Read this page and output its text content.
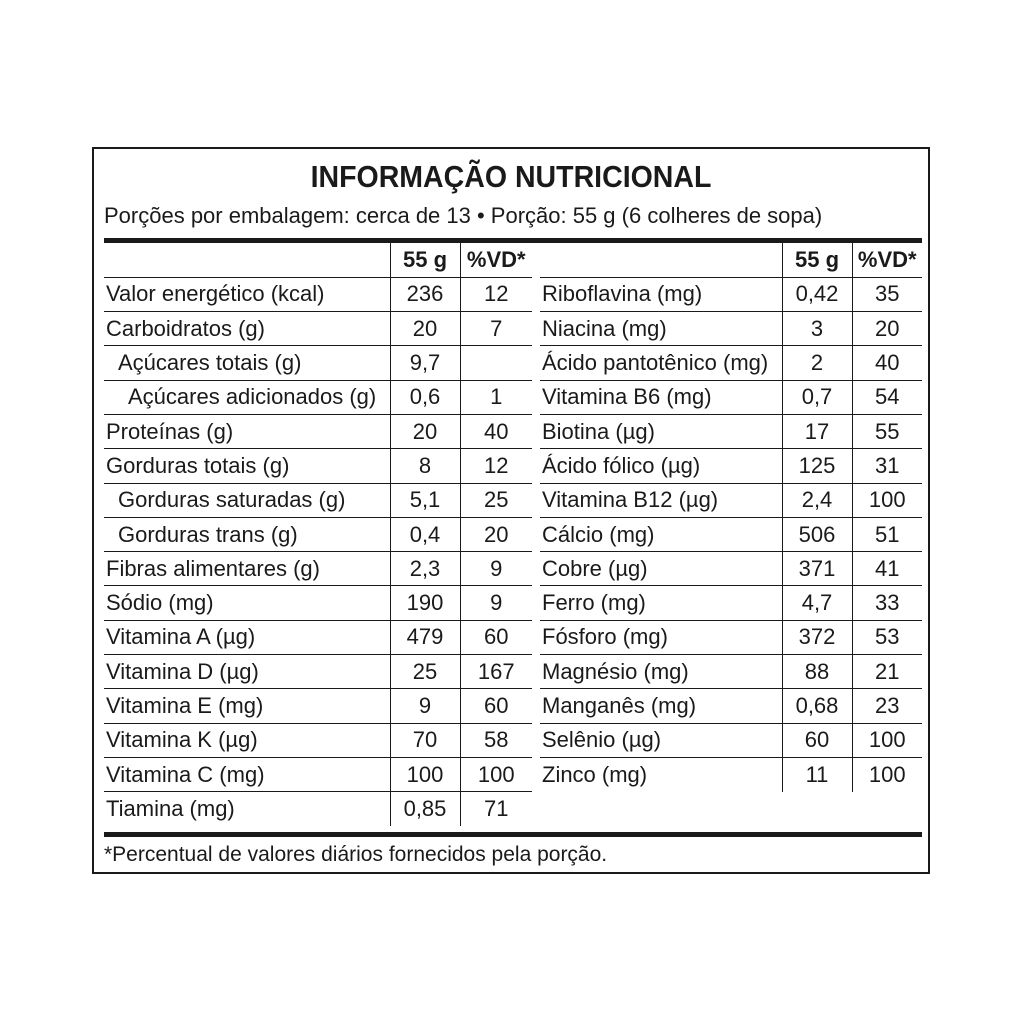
INFORMAÇÃO NUTRICIONAL
Porções por embalagem: cerca de 13 • Porção: 55 g (6 colheres de sopa)
	55 g	%VD*
Valor energético (kcal)	236	12
Carboidratos (g)	20	7
Açúcares totais (g)	9,7	
Açúcares adicionados (g)	0,6	1
Proteínas (g)	20	40
Gorduras totais (g)	8	12
Gorduras saturadas (g)	5,1	25
Gorduras trans (g)	0,4	20
Fibras alimentares (g)	2,3	9
Sódio (mg)	190	9
Vitamina A (µg)	479	60
Vitamina D (µg)	25	167
Vitamina E (mg)	9	60
Vitamina K (µg)	70	58
Vitamina C (mg)	100	100
Tiamina (mg)	0,85	71
	55 g	%VD*
Riboflavina (mg)	0,42	35
Niacina (mg)	3	20
Ácido pantotênico (mg)	2	40
Vitamina B6 (mg)	0,7	54
Biotina (µg)	17	55
Ácido fólico (µg)	125	31
Vitamina B12 (µg)	2,4	100
Cálcio (mg)	506	51
Cobre (µg)	371	41
Ferro (mg)	4,7	33
Fósforo (mg)	372	53
Magnésio (mg)	88	21
Manganês (mg)	0,68	23
Selênio (µg)	60	100
Zinco (mg)	11	100
*Percentual de valores diários fornecidos pela porção.
